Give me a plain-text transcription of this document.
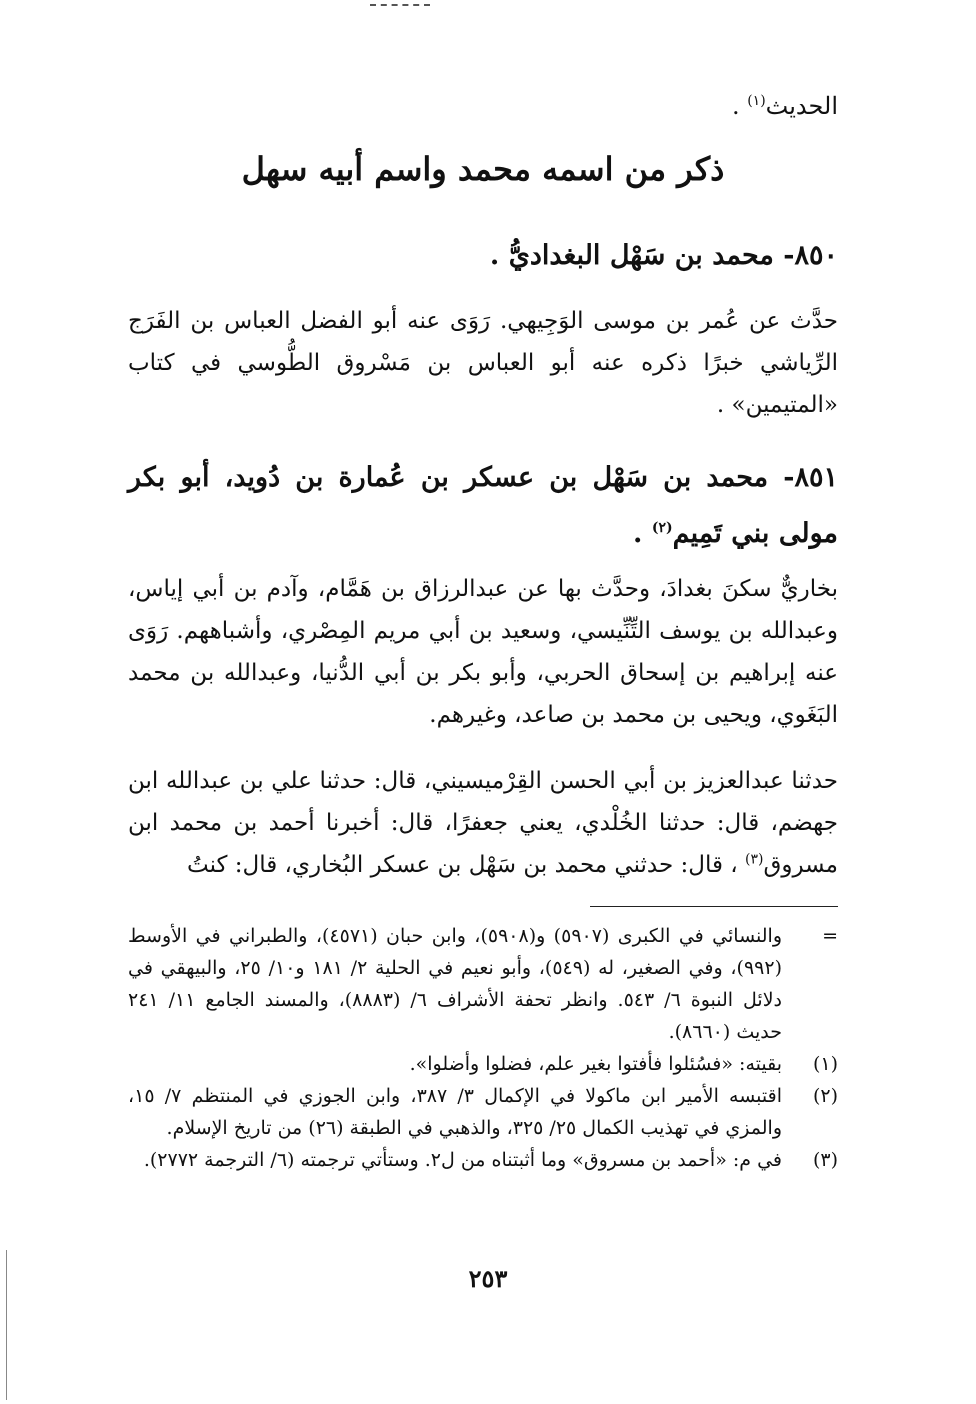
الحديث$^{(١)}$ .
ذكر من اسمه محمد واسم أبيه سهل
٨٥٠- محمد بن سَهْل البغداديُّ .
حدَّث عن عُمر بن موسى الوَجِيهي. رَوَى عنه أبو الفضل العباس بن الفَرَج الرِّياشي خبرًا ذكره عنه أبو العباس بن مَسْروق الطُّوسي في كتاب «المتيمين» .
٨٥١- محمد بن سَهْل بن عسكر بن عُمارة بن دُويد، أبو بكر مولى بني تَمِيم$^{(٢)}$ .
بخاريٌّ سكنَ بغدادَ، وحدَّث بها عن عبدالرزاق بن هَمَّام، وآدم بن أبي إياس، وعبدالله بن يوسف التِّنِّيسي، وسعيد بن أبي مريم المِصْري، وأشباههم. رَوَى عنه إبراهيم بن إسحاق الحربي، وأبو بكر بن أبي الدُّنيا، وعبدالله بن محمد البَغَوي، ويحيى بن محمد بن صاعد، وغيرهم.
حدثنا عبدالعزيز بن أبي الحسن القِرْميسيني، قال: حدثنا علي بن عبدالله ابن جهضم، قال: حدثنا الخُلْدي، يعني جعفرًا، قال: أخبرنا أحمد بن محمد ابن مسروق$^{(٣)}$ ، قال: حدثني محمد بن سَهْل بن عسكر البُخاري، قال: كنتُ
=
والنسائي في الكبرى (٥٩٠٧) و(٥٩٠٨)، وابن حبان (٤٥٧١)، والطبراني في الأوسط (٩٩٢)، وفي الصغير، له (٥٤٩)، وأبو نعيم في الحلية ٢/ ١٨١ و١٠/ ٢٥، والبيهقي في دلائل النبوة ٦/ ٥٤٣. وانظر تحفة الأشراف ٦/ (٨٨٨٣)، والمسند الجامع ١١/ ٢٤١ حديث (٨٦٦٠).
(١)
بقيته: «فسُئلوا فأفتوا بغير علم، فضلوا وأضلوا».
(٢)
اقتبسه الأمير ابن ماكولا في الإكمال ٣/ ٣٨٧، وابن الجوزي في المنتظم ٧/ ١٥، والمزي في تهذيب الكمال ٢٥/ ٣٢٥، والذهبي في الطبقة (٢٦) من تاريخ الإسلام.
(٣)
في م: «أحمد بن مسروق» وما أثبتناه من ل٢. وستأتي ترجمته (٦/ الترجمة ٢٧٧٢).
٢٥٣
